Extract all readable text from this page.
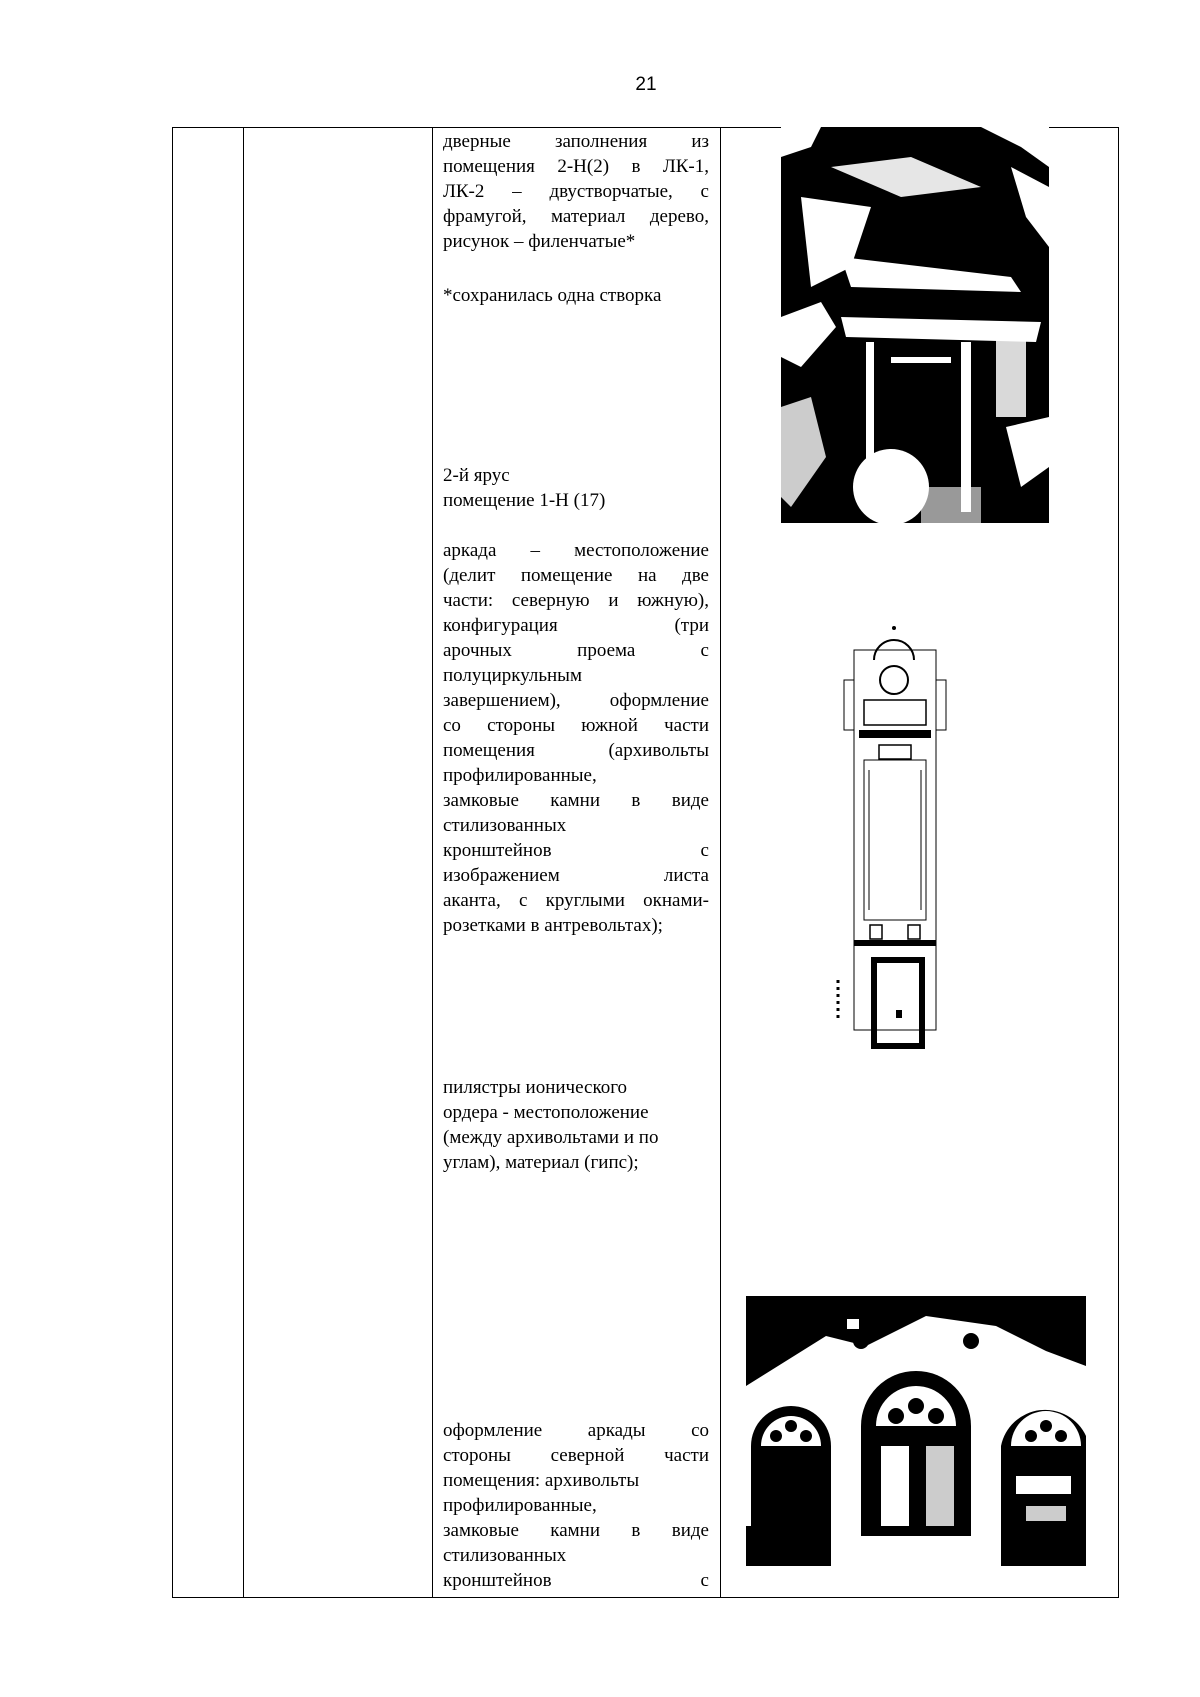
21
дверные заполнения из
помещения 2-Н(2) в ЛК-1,
ЛК-2 – двустворчатые, с
фрамугой, материал дерево,
рисунок – филенчатые*
*сохранилась одна створка
2-й ярус
помещение 1-Н (17)
аркада – местоположение
(делит помещение на две
части: северную и южную),
конфигурация (три
арочных проема с
полуциркульным
завершением), оформление
со стороны южной части
помещения (архивольты
профилированные,
замковые камни в виде
стилизованных
кронштейнов с
изображением листа
аканта, с круглыми окнами-
розетками в антревольтах);
пилястры ионического
ордера - местоположение
(между архивольтами и по
углам), материал (гипс);
оформление аркады со
стороны северной части
помещения: архивольты
профилированные,
замковые камни в виде
стилизованных
кронштейнов с
